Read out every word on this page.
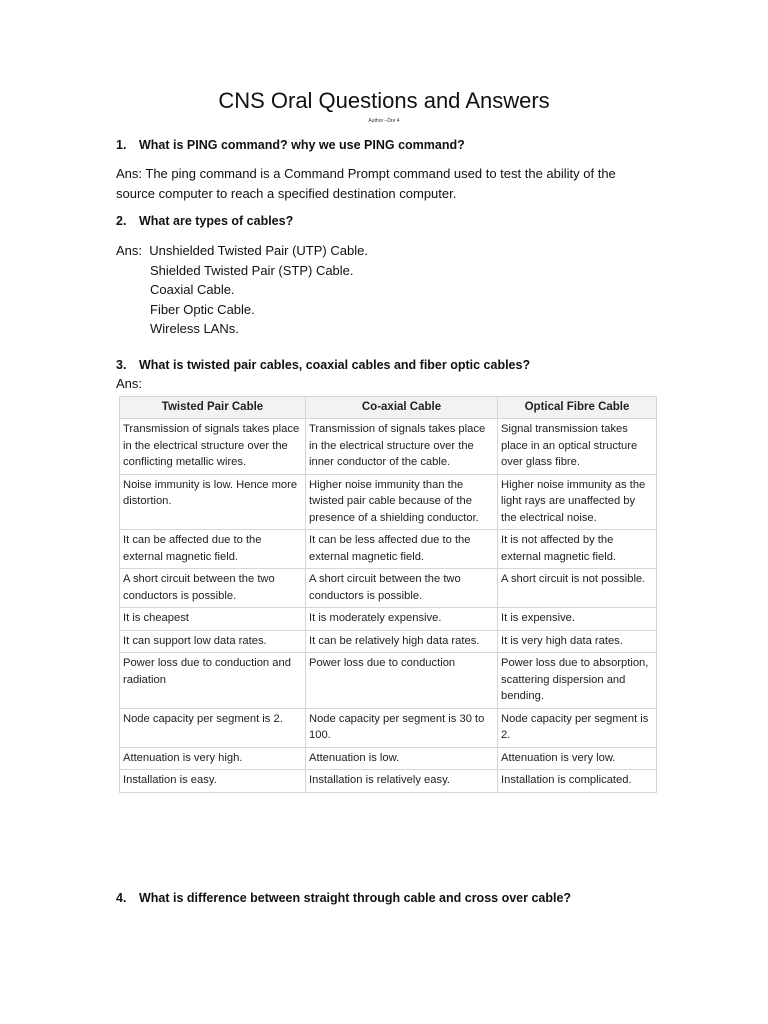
CNS Oral Questions and Answers
Author –Dre 4
1. What is PING command? why we use PING command?
Ans: The ping command is a Command Prompt command used to test the ability of the
source computer to reach a specified destination computer.
2. What are types of cables?
Ans: Unshielded Twisted Pair (UTP) Cable.
Shielded Twisted Pair (STP) Cable.
Coaxial Cable.
Fiber Optic Cable.
Wireless LANs.
3. What is twisted pair cables, coaxial cables and fiber optic cables?
Ans:
Twisted Pair Cable	Co-axial Cable	Optical Fibre Cable
Transmission of signals takes place in the electrical structure over the conflicting metallic wires.	Transmission of signals takes place in the electrical structure over the inner conductor of the cable.	Signal transmission takes place in an optical structure over glass fibre.
Noise immunity is low. Hence more distortion.	Higher noise immunity than the twisted pair cable because of the presence of a shielding conductor.	Higher noise immunity as the light rays are unaffected by the electrical noise.
It can be affected due to the external magnetic field.	It can be less affected due to the external magnetic field.	It is not affected by the external magnetic field.
A short circuit between the two conductors is possible.	A short circuit between the two conductors is possible.	A short circuit is not possible.
It is cheapest	It is moderately expensive.	It is expensive.
It can support low data rates.	It can be relatively high data rates.	It is very high data rates.
Power loss due to conduction and radiation	Power loss due to conduction	Power loss due to absorption, scattering dispersion and bending.
Node capacity per segment is 2.	Node capacity per segment is 30 to 100.	Node capacity per segment is 2.
Attenuation is very high.	Attenuation is low.	Attenuation is very low.
Installation is easy.	Installation is relatively easy.	Installation is complicated.
4. What is difference between straight through cable and cross over cable?
